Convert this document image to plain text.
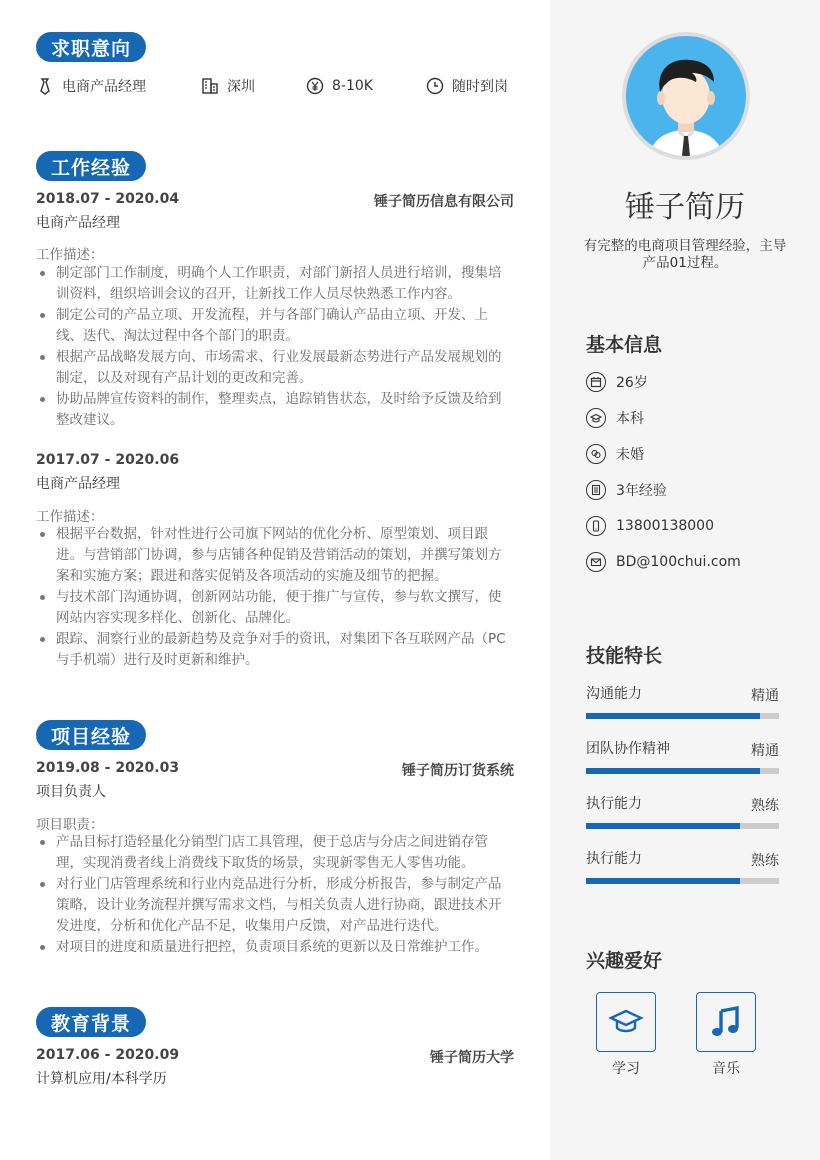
求职意向
电商产品经理	深圳	8-10K	随时到岗
工作经验
2018.07 - 2020.04	锤子简历信息有限公司
电商产品经理
工作描述：
制定部门工作制度，明确个人工作职责，对部门新招人员进行培训，搜集培训资料，组织培训会议的召开，让新找工作人员尽快熟悉工作内容。
制定公司的产品立项、开发流程，并与各部门确认产品由立项、开发、上线、迭代、淘汰过程中各个部门的职责。
根据产品战略发展方向、市场需求、行业发展最新态势进行产品发展规划的制定，以及对现有产品计划的更改和完善。
协助品牌宣传资料的制作，整理卖点，追踪销售状态，及时给予反馈及给到整改建议。
2017.07 - 2020.06
电商产品经理
工作描述：
根据平台数据，针对性进行公司旗下网站的优化分析、原型策划、项目跟进。与营销部门协调，参与店铺各种促销及营销活动的策划，并撰写策划方案和实施方案；跟进和落实促销及各项活动的实施及细节的把握。
与技术部门沟通协调，创新网站功能，便于推广与宣传，参与软文撰写，使网站内容实现多样化、创新化、品牌化。
跟踪、洞察行业的最新趋势及竞争对手的资讯，对集团下各互联网产品（PC与手机端）进行及时更新和维护。
项目经验
2019.08 - 2020.03	锤子简历订货系统
项目负责人
项目职责：
产品目标打造轻量化分销型门店工具管理，便于总店与分店之间进销存管理，实现消费者线上消费线下取货的场景，实现新零售无人零售功能。
对行业门店管理系统和行业内竞品进行分析，形成分析报告，参与制定产品策略，设计业务流程并撰写需求文档，与相关负责人进行协商，跟进技术开发进度，分析和优化产品不足，收集用户反馈，对产品进行迭代。
对项目的进度和质量进行把控，负责项目系统的更新以及日常维护工作。
教育背景
2017.06 - 2020.09	锤子简历大学
计算机应用/本科学历
锤子简历
有完整的电商项目管理经验，主导产品01过程。
基本信息
26岁
本科
未婚
3年经验
13800138000
BD@100chui.com
技能特长
沟通能力	精通
团队协作精神	精通
执行能力	熟练
执行能力	熟练
兴趣爱好
学习	音乐
